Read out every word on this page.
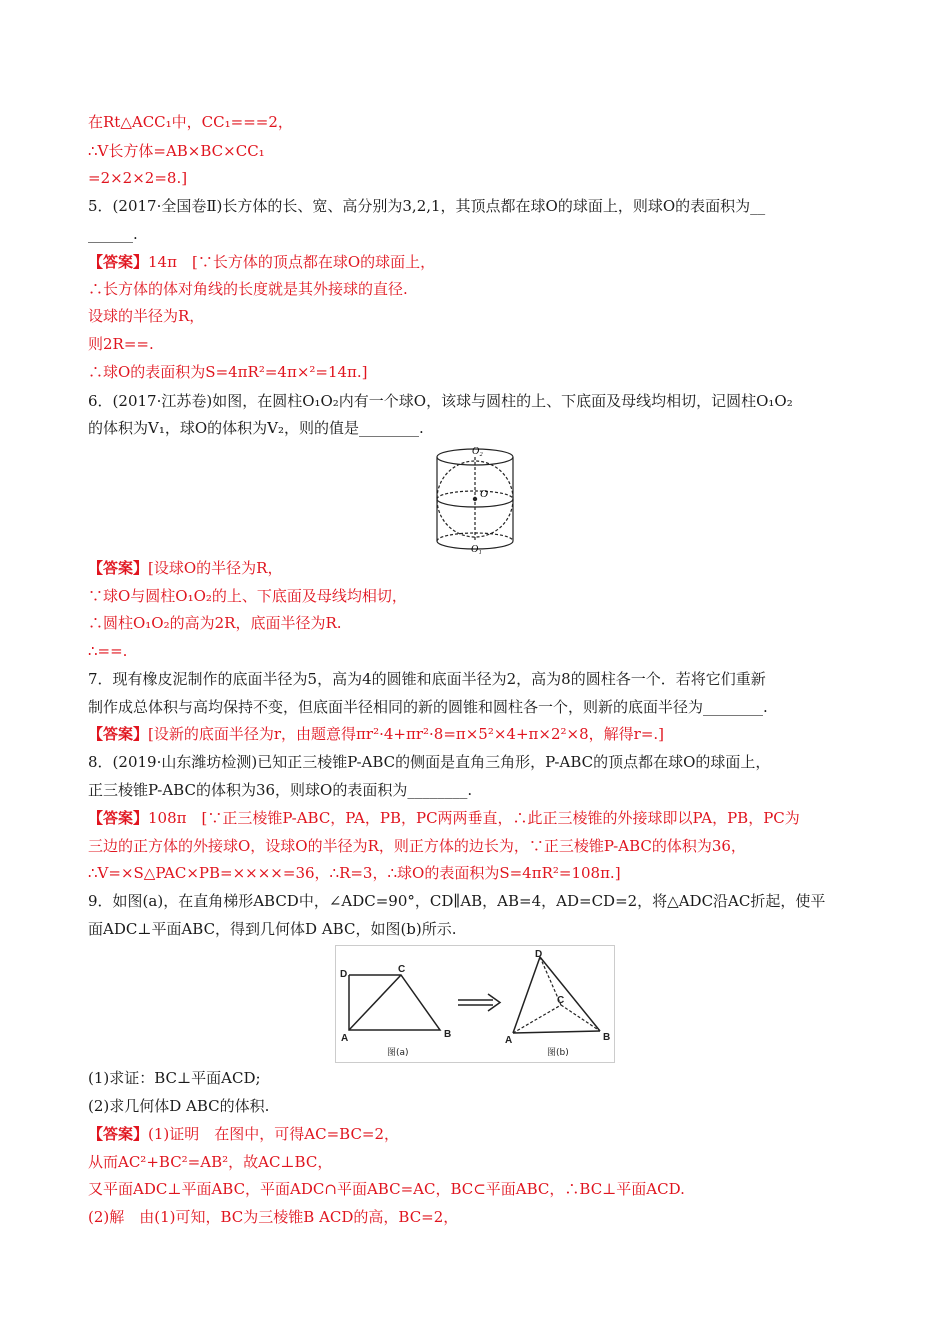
在Rt△ACC₁中，CC₁===2，
∴V长方体=AB×BC×CC₁
=2×2×2=8.]
5．(2017·全国卷Ⅱ)长方体的长、宽、高分别为3,2,1，其顶点都在球O的球面上，则球O的表面积为__
______.
【答案】14π　[∵长方体的顶点都在球O的球面上，
∴长方体的体对角线的长度就是其外接球的直径.
设球的半径为R，
则2R==.
∴球O的表面积为S=4πR²=4π×²=14π.]
6．(2017·江苏卷)如图，在圆柱O₁O₂内有一个球O，该球与圆柱的上、下底面及母线均相切，记圆柱O₁O₂
的体积为V₁，球O的体积为V₂，则的值是________.
O₂
O
O₁
【答案】[设球O的半径为R，
∵球O与圆柱O₁O₂的上、下底面及母线均相切，
∴圆柱O₁O₂的高为2R，底面半径为R.
∴==.
7．现有橡皮泥制作的底面半径为5，高为4的圆锥和底面半径为2，高为8的圆柱各一个．若将它们重新
制作成总体积与高均保持不变，但底面半径相同的新的圆锥和圆柱各一个，则新的底面半径为________.
【答案】[设新的底面半径为r，由题意得πr²·4+πr²·8=π×5²×4+π×2²×8，解得r=.]
8．(2019·山东潍坊检测)已知正三棱锥P-ABC的侧面是直角三角形，P-ABC的顶点都在球O的球面上，
正三棱锥P-ABC的体积为36，则球O的表面积为________.
【答案】108π　[∵正三棱锥P-ABC，PA，PB，PC两两垂直，∴此正三棱锥的外接球即以PA，PB，PC为
三边的正方体的外接球O，设球O的半径为R，则正方体的边长为，∵正三棱锥P-ABC的体积为36，
∴V=×S△PAC×PB=××××=36，∴R=3，∴球O的表面积为S=4πR²=108π.]
9．如图(a)，在直角梯形ABCD中，∠ADC=90°，CD∥AB，AB=4，AD=CD=2，将△ADC沿AC折起，使平
面ADC⊥平面ABC，得到几何体D ABC，如图(b)所示.
D	C
A	B
D
C
A	B
图(a)	图(b)
(1)求证：BC⊥平面ACD;
(2)求几何体D ABC的体积.
【答案】(1)证明　在图中，可得AC=BC=2，
从而AC²+BC²=AB²，故AC⊥BC，
又平面ADC⊥平面ABC，平面ADC∩平面ABC=AC，BC⊂平面ABC，∴BC⊥平面ACD.
(2)解　由(1)可知，BC为三棱锥B ACD的高，BC=2，
